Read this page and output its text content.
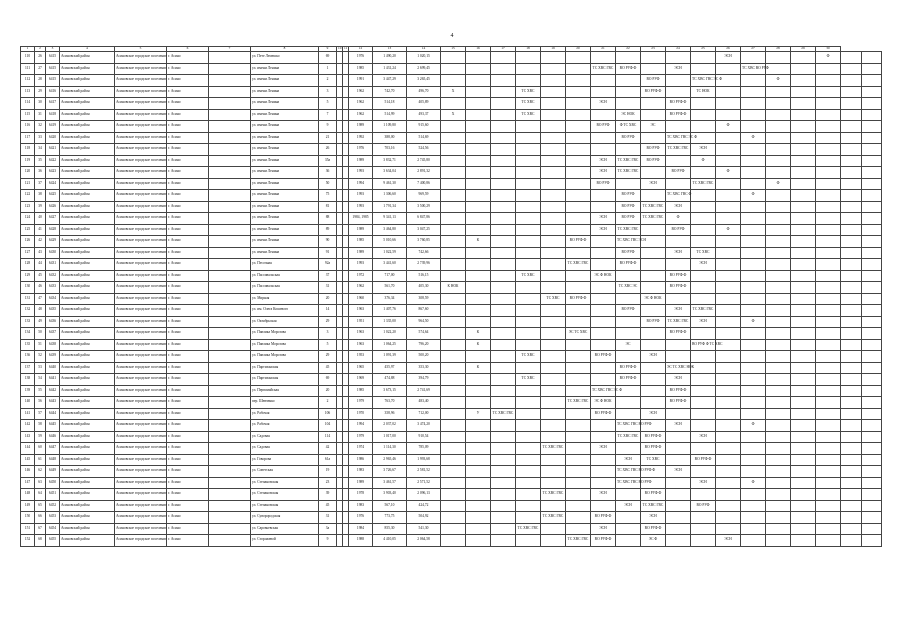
4
1	2	3	4	5	6	7	8	9	10	11	12	13	14	15	16	17	18	19	20	21	22	23	24	25	26	27	28	29	30		
110	26	6415	Асиновский район	Асиновское городское поселение	г. Асино		ул. Пете Лемешко	69			1976	1 490,20	1 020,15												ЭСН				Ф		
111	27	6415	Асиновский район	Асиновское городское поселение	г. Асино		ул. имени Ленина	1			1985	1 431,24	2 699,45							ТС ХВС ГВС	ВО РУФ Ф		ЭСН			ТС ХВС ВО РУФ					
112	28	6415	Асиновский район	Асиновское городское поселение	г. Асино		ул. имени Ленина	2			1991	3 447,29	3 265,45									ВО РУФ		ТС ХВС ГВС ЭС Ф			Ф				
113	29	6416	Асиновский район	Асиновское городское поселение	г. Асино		ул. имени Ленина	3			1962	742,70	496,70	Х			ТС ХВС					ВО РУФ Ф		ТС НОК							
114	30	6417	Асиновский район	Асиновское городское поселение	г. Асино		ул. имени Ленина	5			1962	514,18	405,89				ТС ХВС			ЭСН			ВО РУФ Ф								
115	31	6418	Асиновский район	Асиновское городское поселение	г. Асино		ул. имени Ленина	7			1962	514,99	493,37	Х			ТС ХВС				ЭС НОК		ВО РУФ Ф								
116	32	6419	Асиновский район	Асиновское городское поселение	г. Асино		ул. имени Ленина	9			1989	1 109,80	915,60							ВО РУФ	Ф ТС ХВС	ЭС			Ф						
117	33	6420	Асиновский район	Асиновское городское поселение	г. Асино		ул. имени Ленина	21			1992	388,00	514,69								ВО РУФ		ТС ХВС ГВС ЭС Ф			Ф					
118	34	6421	Асиновский район	Асиновское городское поселение	г. Асино		ул. имени Ленина	26			1976	703,16	524,56									ВО РУФ	ТС ХВС ГВС	ЭСН							
119	35	6422	Асиновский район	Асиновское городское поселение	г. Асино		ул. имени Ленина	35а			1989	3 832,71	2 745,80							ЭСН	ТС ХВС ГВС	ВО РУФ		Ф							
120	36	6423	Асиновский район	Асиновское городское поселение	г. Асино		ул. имени Ленина	36			1993	3 634,04	2 891,32							ЭСН	ТС ХВС ГВС		ВО РУФ		Ф						
121	37	6424	Асиновский район	Асиновское городское поселение	г. Асино		ул. имени Ленина	50			1994	9 461,30	7 400,86							ВО РУФ		ЭСН		ТС ХВС ГВС			Ф				
122	38	6425	Асиновский район	Асиновское городское поселение	г. Асино		ул. имени Ленина	75			1993	1 306,60	969,59								ВО РУФ		ТС ХВС ГВС Ф			Ф					
123	39	6426	Асиновский район	Асиновское городское поселение	г. Асино		ул. имени Ленина	81			1993	1 791,34	3 500,29								ВО РУФ	ТС ХВС ГВС	ЭСН								
124	40	6427	Асиновский район	Асиновское городское поселение	г. Асино		ул. имени Ленина	88			1984, 1985	9 341,13	6 847,86							ЭСН	ВО РУФ	ТС ХВС ГВС	Ф								
125	41	6428	Асиновский район	Асиновское городское поселение	г. Асино		ул. имени Ленина	89			1989	3 464,80	3 047,25							ЭСН	ТС ХВС ГВС		ВО РУФ		Ф						
126	42	6429	Асиновский район	Асиновское городское поселение	г. Асино		ул. имени Ленина	90			1985	5 010,66	3 760,85		К				ВО РУФ Ф		ТС ХВС ГВС ЭСН										
127	43	6430	Асиновский район	Асиновское городское поселение	г. Асино		ул. имени Ленина	91			1989	1 022,59	742,66								ВО РУФ		ЭСН	ТС ХВС							
128	44	6431	Асиновский район	Асиновское городское поселение	г. Асино		ул. Песочная	92а			1993	3 441,60	2 739,96						ТС ХВС ГВС		ВО РУФ Ф			ЭСН							
129	45	6432	Асиновский район	Асиновское городское поселение	г. Асино		ул. Пассивальская	37			1972	717,00	516,15				ТС ХВС			ЭС Ф НОК			ВО РУФ Ф								
130	46	6433	Асиновский район	Асиновское городское поселение	г. Асино		ул. Пассивальская	31			1962	561,70	405,30	К НОК							ТС ХВС ЭС		ВО РУФ Ф								
131	47	6434	Асиновский район	Асиновское городское поселение	г. Асино		ул. Мирная	20			1960	376,34	308,59					ТС ХВС	ВО РУФ Ф			ЭС Ф НОК									
132	48	6435	Асиновский район	Асиновское городское поселение	г. Асино		ул. им. Олега Кошевого	14			1963	1 407,76	867,60								ВО РУФ		ЭСН	ТС ХВС ГВС							
133	49	6436	Асиновский район	Асиновское городское поселение	г. Асино		ул. Октябрьская	29			1951	1 335,00	964,50									ВО РУФ	ТС ХВС ГВС	ЭСН		Ф					
134	50	6437	Асиновский район	Асиновское городское поселение	г. Асино		ул. Павлика Морозова	3			1963	1 022,20	574,64		К				ЭС ТС ХВС				ВО РУФ Ф								
135	51	6438	Асиновский район	Асиновское городское поселение	г. Асино		ул. Павлика Морозова	5			1963	1 064,25	796,20		К						ЭС			ВО РУФ Ф ТС ХВС							
136	52	6439	Асиновский район	Асиновское городское поселение	г. Асино		ул. Павлика Морозова	29			1953	1 091,39	500,20				ТС ХВС			ВО РУФ Ф		ЭСН									
137	53	6440	Асиновский район	Асиновское городское поселение	г. Асино		ул. Партизанская	45			1965	455,97	353,30		К						ВО РУФ Ф		ЭС ТС ХВС НОК								
138	54	6441	Асиновский район	Асиновское городское поселение	г. Асино		ул. Партизанская	69			1969	474,88	394,79				ТС ХВС				ВО РУФ Ф		ЭСН								
139	55	6442	Асиновский район	Асиновское городское поселение	г. Асино		ул. Первомайская	20			1985	3 673,15	2 741,69							ТС ХВС ГВС ЭС Ф			ВО РУФ Ф								
140	56	6443	Асиновский район	Асиновское городское поселение	г. Асино		пер. Шевченко	2			1979	763,70	483,40						ТС ХВС ГВС	ЭС Ф НОК			ВО РУФ Ф								
141	57	6444	Асиновский район	Асиновское городское поселение	г. Асино		ул. Рабочая	106			1970	358,96	712,00		У	ТС ХВС ГВС				ВО РУФ Ф		ЭСН									
142	58	6445	Асиновский район	Асиновское городское поселение	г. Асино		ул. Рабочая	104			1994	2 037,02	3 474,20								ТС ХВС ГВС ВО РУФ		ЭСН			Ф					
143	59	6446	Асиновский район	Асиновское городское поселение	г. Асино		ул. Садовая	114			1979	1 017,00	910,54								ТС ХВС ГВС	ВО РУФ Ф		ЭСН							
144	60	6447	Асиновский район	Асиновское городское поселение	г. Асино		ул. Садовая	42			1974	1 114,30	785,09					ТС ХВС ГВС		ЭСН		ВО РУФ Ф									
145	61	6448	Асиновский район	Асиновское городское поселение	г. Асино		ул. Говорова	61а			1986	2 965,46	1 993,68								ЭСН	ТС ХВС		ВО РУФ Ф							
146	62	6449	Асиновский район	Асиновское городское поселение	г. Асино		ул. Советская	19			1983	3 726,67	2 581,52								ТС ХВС ГВС ВО РУФ Ф		ЭСН								
147	63	6450	Асиновский район	Асиновское городское поселение	г. Асино		ул. Степановская	23			1989	3 461,57	2 571,52								ТС ХВС ГВС ВО РУФ			ЭСН		Ф					
148	64	6451	Асиновский район	Асиновское городское поселение	г. Асино		ул. Степановская	39			1978	3 903,40	2 096,13					ТС ХВС ГВС		ЭСН		ВО РУФ Ф									
149	65	6452	Асиновский район	Асиновское городское поселение	г. Асино		ул. Степановская	45			1983	567,10	424,72								ЭСН	ТС ХВС ГВС		ВО РУФ							
150	66	6453	Асиновский район	Асиновское городское поселение	г. Асино		ул. Суворородская	31			1976	773,75	504,92					ТС ХВС ГВС		ВО РУФ Ф		ЭСН									
151	67	6454	Асиновский район	Асиновское городское поселение	г. Асино		ул. Саровьевская	3а			1984	855,30	541,30				ТС ХВС ГВС			ЭСН		ВО РУФ Ф									
152	68	6455	Асиновский район	Асиновское городское поселение	г. Асино		ул. Сторожевой	9			1988	4 410,05	2 064,58						ТС ХВС ГВС	ВО РУФ Ф		ЭС Ф			ЭСН						
